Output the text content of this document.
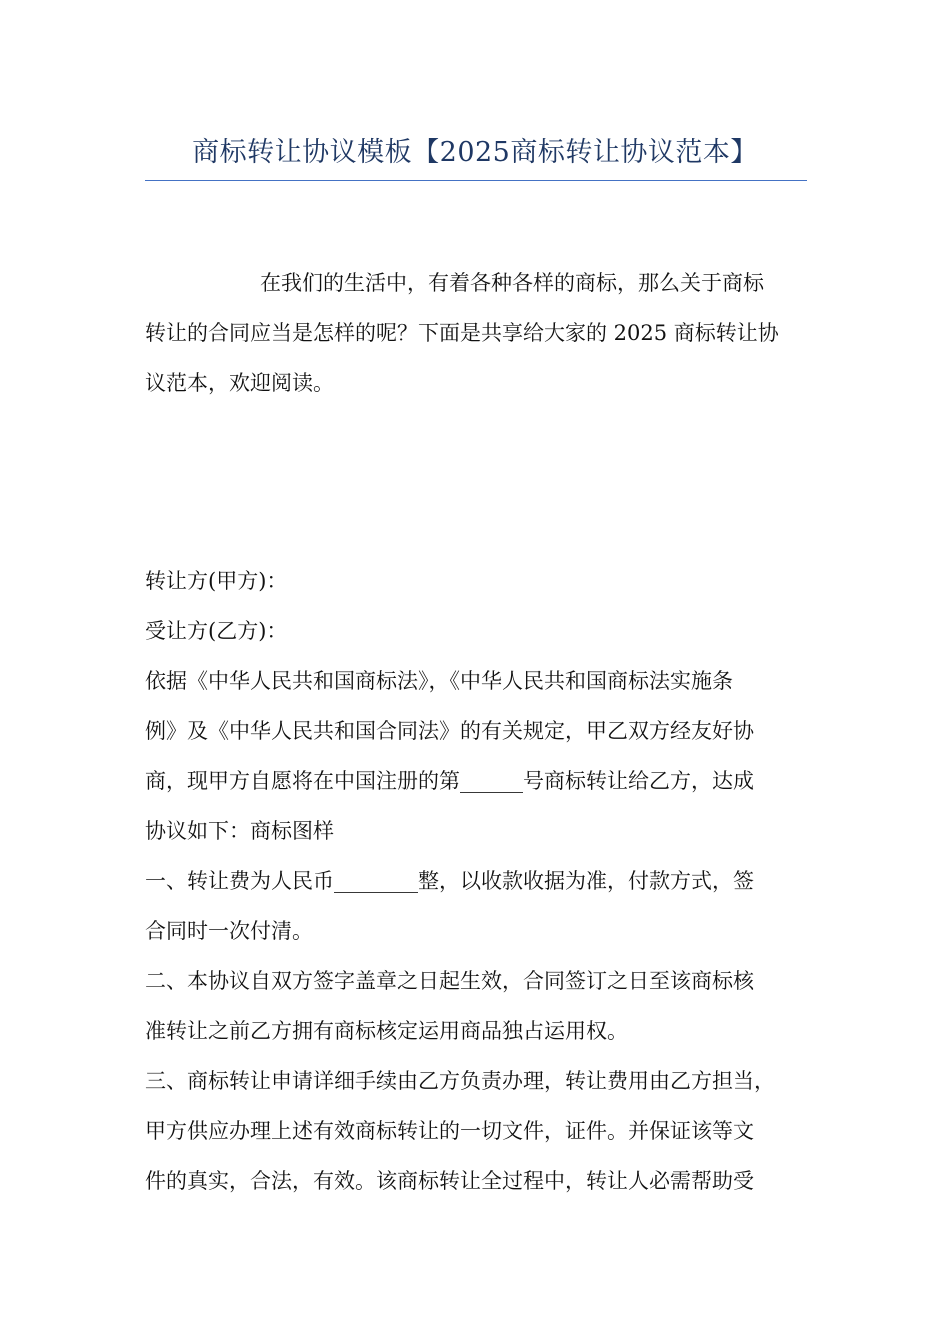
商标转让协议模板【2025商标转让协议范本】
在我们的生活中，有着各种各样的商标，那么关于商标
转让的合同应当是怎样的呢？下面是共享给大家的 2025 商标转让协
议范本，欢迎阅读。
转让方(甲方)：
受让方(乙方)：
依据《中华人民共和国商标法》，《中华人民共和国商标法实施条
例》及《中华人民共和国合同法》的有关规定，甲乙双方经友好协
商，现甲方自愿将在中国注册的第______号商标转让给乙方，达成
协议如下：商标图样
一、转让费为人民币________整，以收款收据为准，付款方式，签
合同时一次付清。
二、本协议自双方签字盖章之日起生效，合同签订之日至该商标核
准转让之前乙方拥有商标核定运用商品独占运用权。
三、商标转让申请详细手续由乙方负责办理，转让费用由乙方担当，
甲方供应办理上述有效商标转让的一切文件，证件。并保证该等文
件的真实，合法，有效。该商标转让全过程中，转让人必需帮助受
